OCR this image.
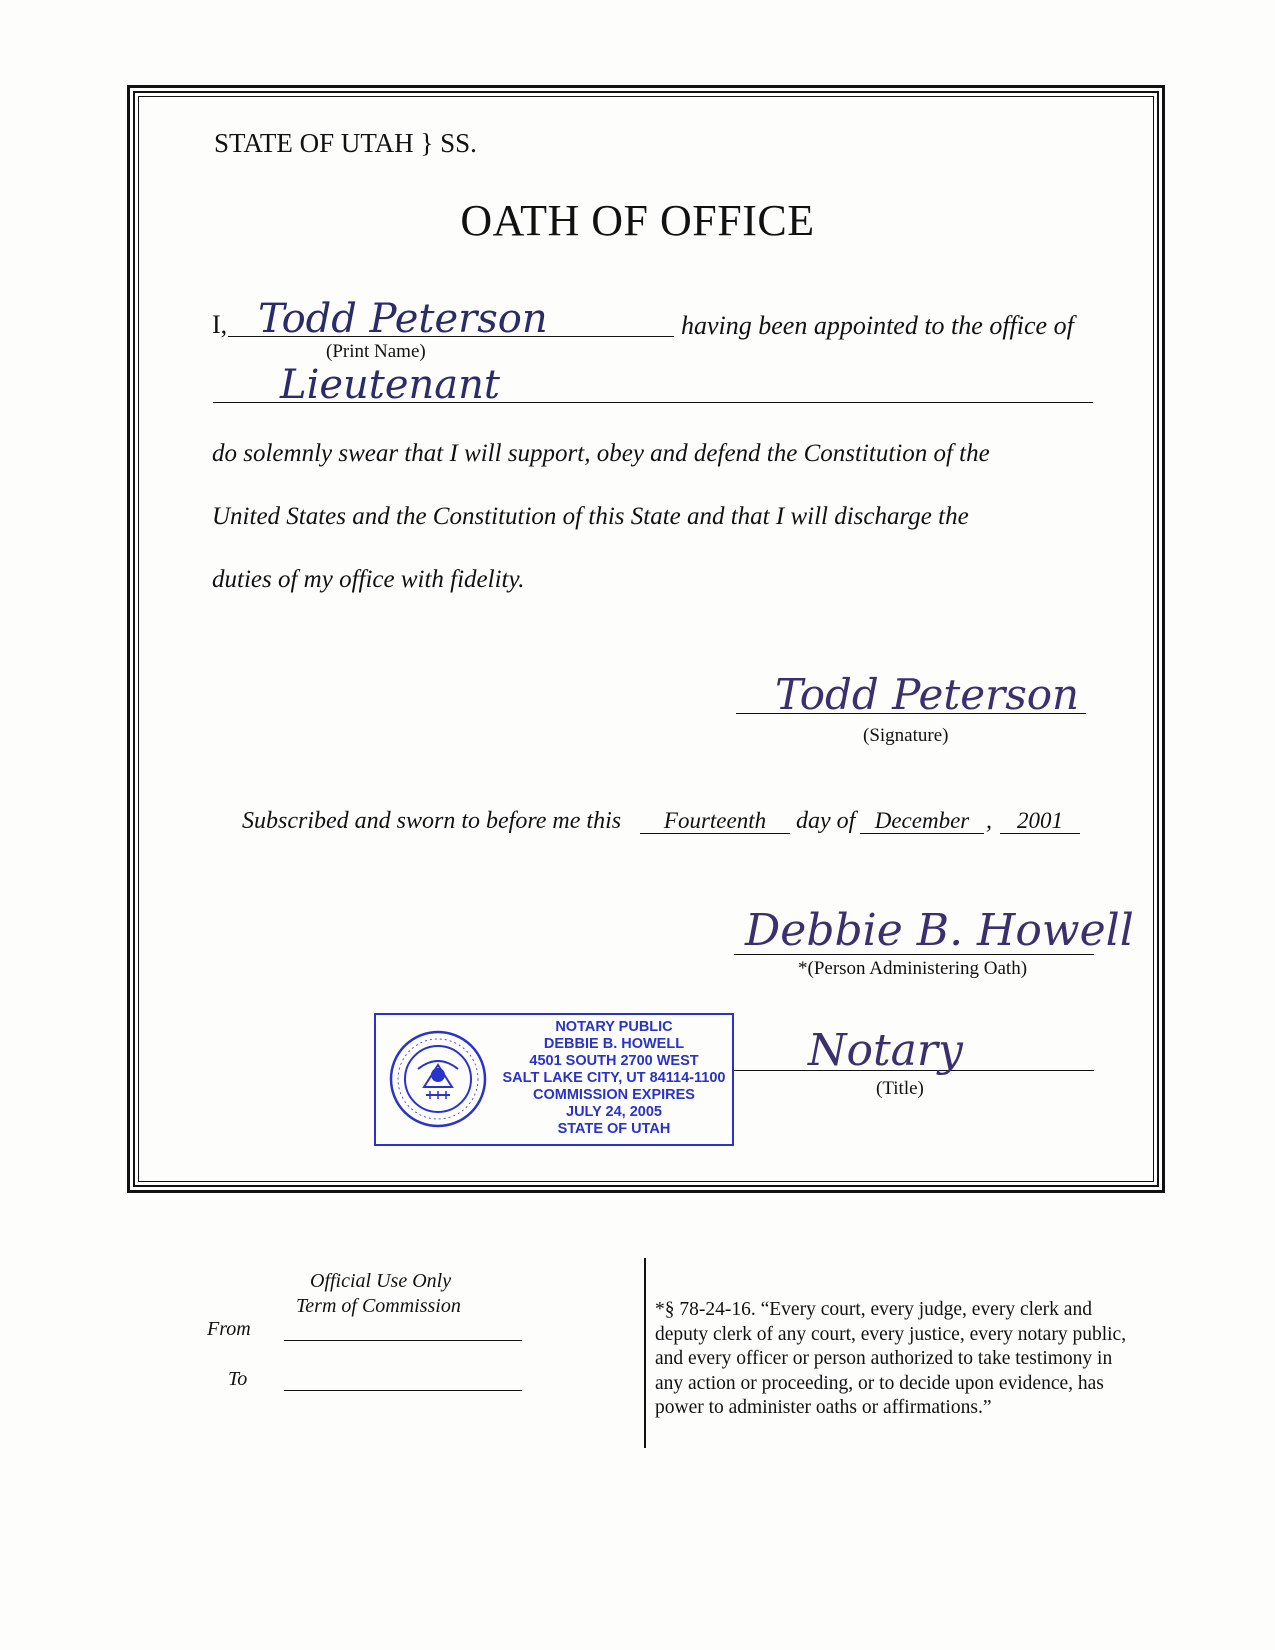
STATE OF UTAH } SS.
OATH OF OFFICE
I, Todd Peterson
(Print Name)
having been appointed to the office of
Lieutenant
do solemnly swear that I will support, obey and defend the Constitution of the
United States and the Constitution of this State and that I will discharge the
duties of my office with fidelity.
Todd Peterson
(Signature)
Subscribed and sworn to before me this	Fourteenth	day of December ,	2001
Debbie B. Howell
*(Person Administering Oath)
NOTARY PUBLIC
DEBBIE B. HOWELL
4501 SOUTH 2700 WEST
SALT LAKE CITY, UT 84114-1100
COMMISSION EXPIRES
JULY 24, 2005
STATE OF UTAH
Notary
(Title)
Official Use Only
Term of Commission
From
To
*§ 78-24-16. “Every court, every judge, every clerk and deputy clerk of any court, every justice, every notary public, and every officer or person authorized to take testimony in any action or proceeding, or to decide upon evidence, has power to administer oaths or affirmations.”
